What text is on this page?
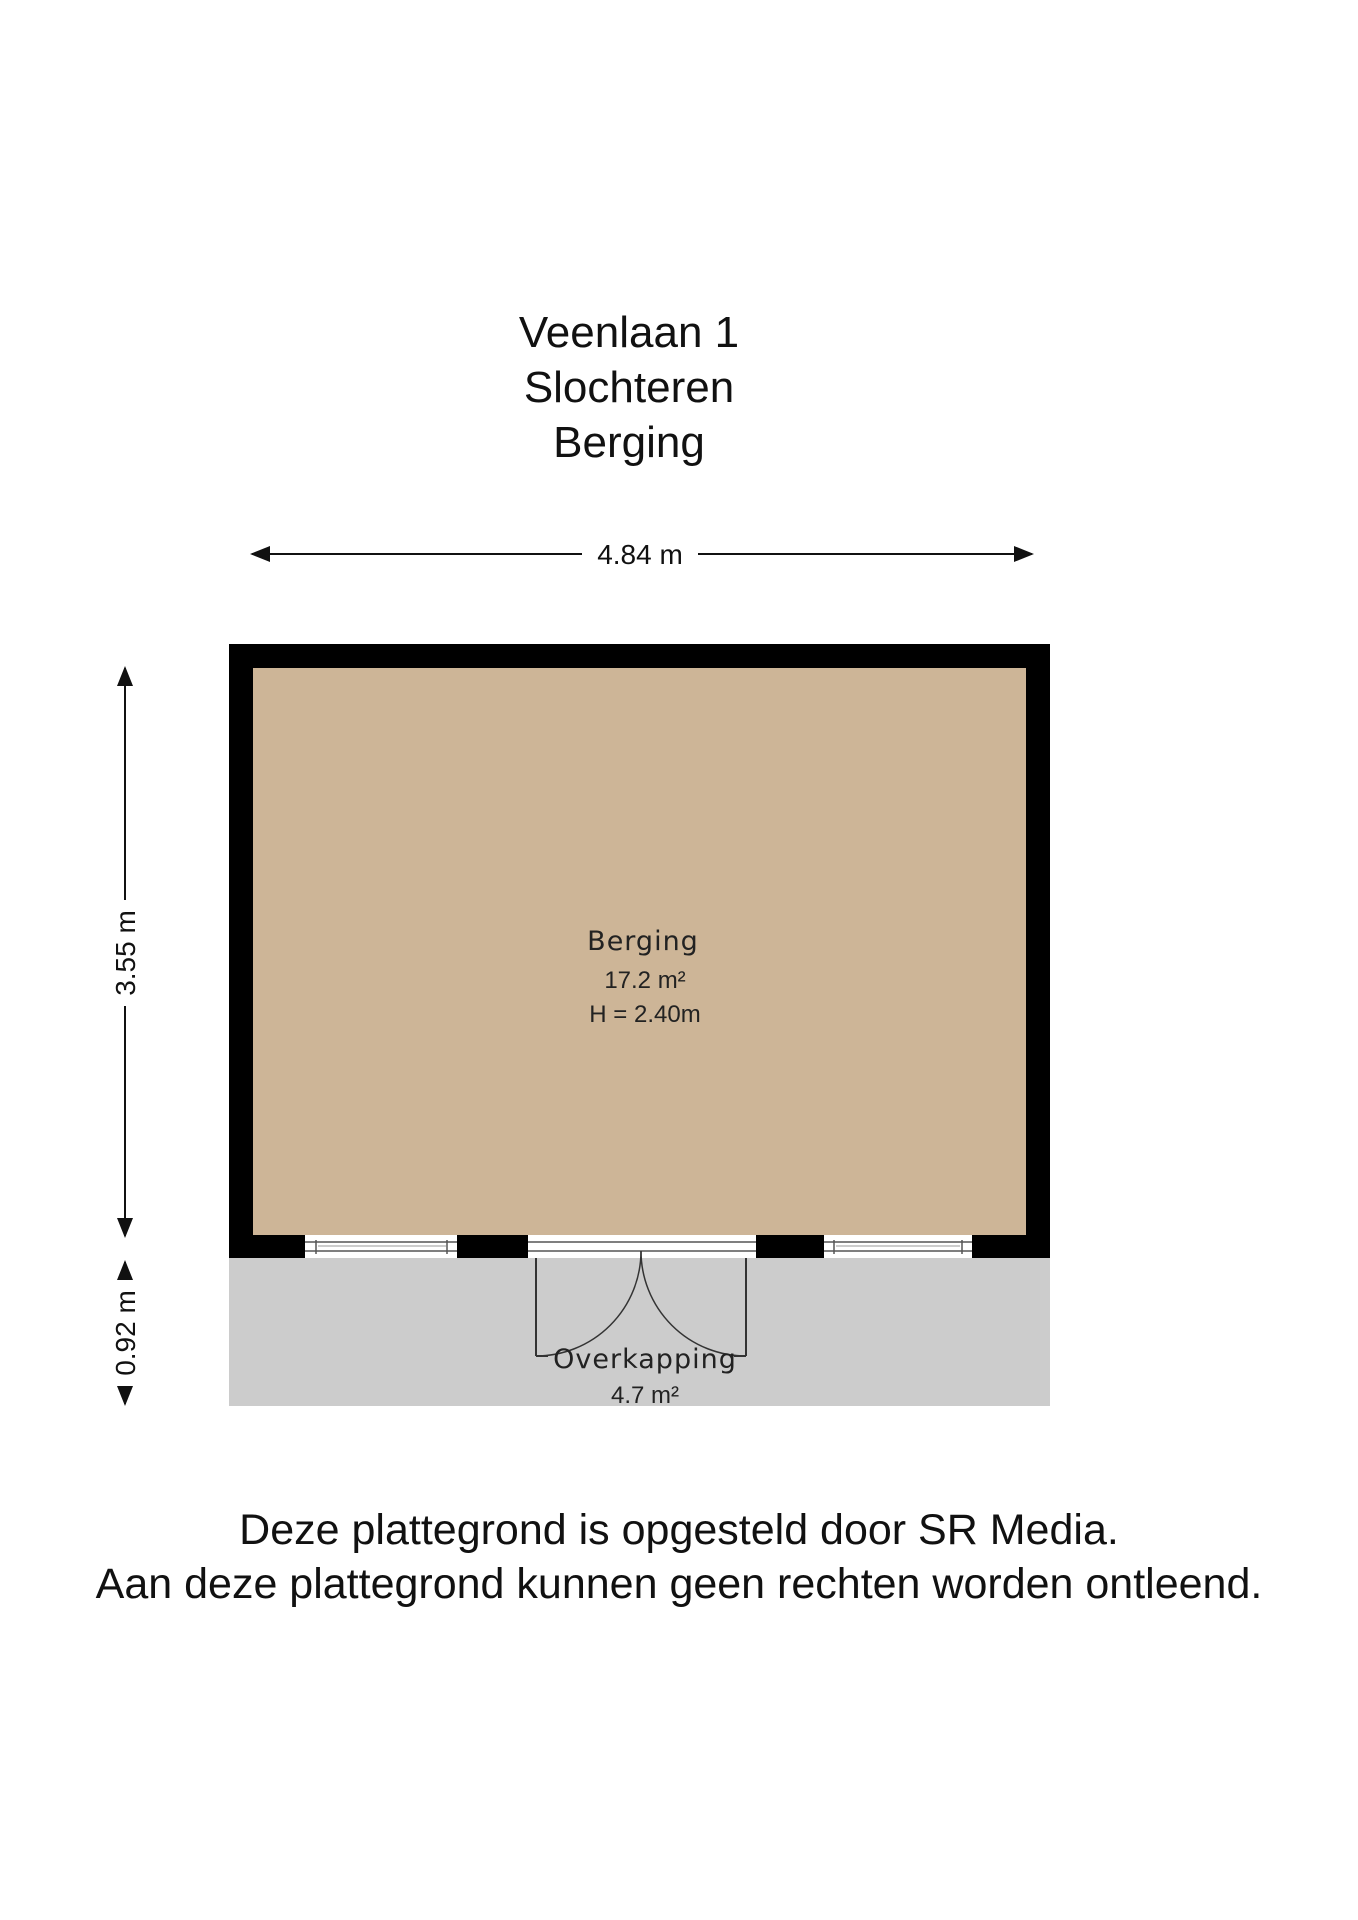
Veenlaan 1
Slochteren
Berging
4.84 m
3.55 m
0.92 m
Berging
17.2 m²
H = 2.40m
Overkapping
4.7 m²
Deze plattegrond is opgesteld door SR Media.
Aan deze plattegrond kunnen geen rechten worden ontleend.
